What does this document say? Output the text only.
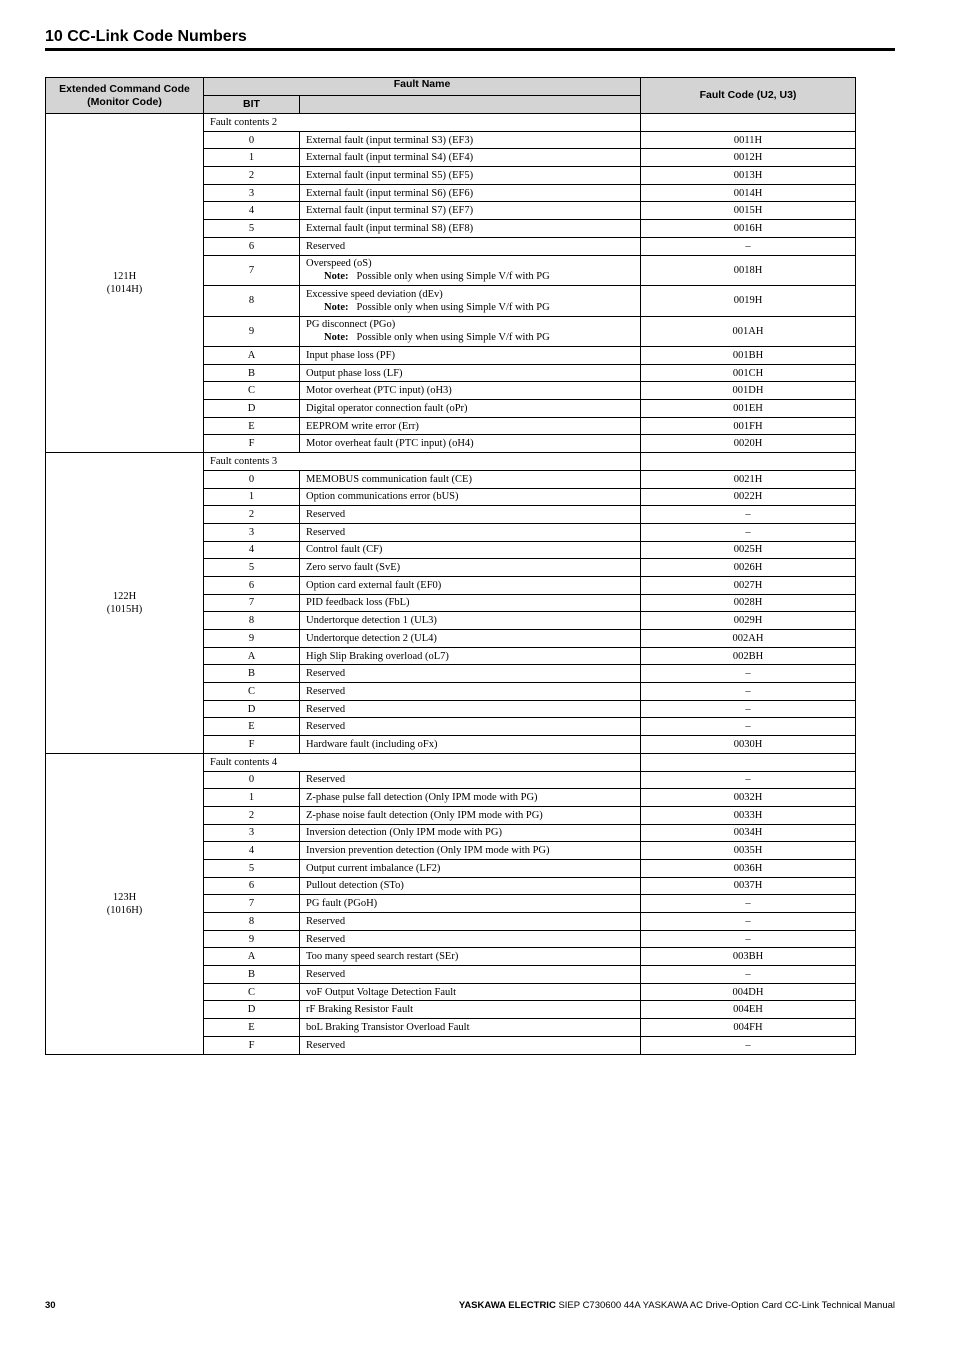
10 CC-Link Code Numbers
Extended Command Code
(Monitor Code)	Fault Name		Fault Code (U2, U3)
	BIT		
121H
(1014H)	Fault contents 2		
	0	External fault (input terminal S3) (EF3)	0011H
	1	External fault (input terminal S4) (EF4)	0012H
	2	External fault (input terminal S5) (EF5)	0013H
	3	External fault (input terminal S6) (EF6)	0014H
	4	External fault (input terminal S7) (EF7)	0015H
	5	External fault (input terminal S8) (EF8)	0016H
	6	Reserved	–
	7	Overspeed (oS)
Note: Possible only when using Simple V/f with PG	0018H
	8	Excessive speed deviation (dEv)
Note: Possible only when using Simple V/f with PG	0019H
	9	PG disconnect (PGo)
Note: Possible only when using Simple V/f with PG	001AH
	A	Input phase loss (PF)	001BH
	B	Output phase loss (LF)	001CH
	C	Motor overheat (PTC input) (oH3)	001DH
	D	Digital operator connection fault (oPr)	001EH
	E	EEPROM write error (Err)	001FH
	F	Motor overheat fault (PTC input) (oH4)	0020H
122H
(1015H)	Fault contents 3		
	0	MEMOBUS communication fault (CE)	0021H
	1	Option communications error (bUS)	0022H
	2	Reserved	–
	3	Reserved	–
	4	Control fault (CF)	0025H
	5	Zero servo fault (SvE)	0026H
	6	Option card external fault (EF0)	0027H
	7	PID feedback loss (FbL)	0028H
	8	Undertorque detection 1 (UL3)	0029H
	9	Undertorque detection 2 (UL4)	002AH
	A	High Slip Braking overload (oL7)	002BH
	B	Reserved	–
	C	Reserved	–
	D	Reserved	–
	E	Reserved	–
	F	Hardware fault (including oFx)	0030H
123H
(1016H)	Fault contents 4		
	0	Reserved	–
	1	Z-phase pulse fall detection (Only IPM mode with PG)	0032H
	2	Z-phase noise fault detection (Only IPM mode with PG)	0033H
	3	Inversion detection (Only IPM mode with PG)	0034H
	4	Inversion prevention detection (Only IPM mode with PG)	0035H
	5	Output current imbalance (LF2)	0036H
	6	Pullout detection (STo)	0037H
	7	PG fault (PGoH)	–
	8	Reserved	–
	9	Reserved	–
	A	Too many speed search restart (SEr)	003BH
	B	Reserved	–
	C	voF Output Voltage Detection Fault	004DH
	D	rF Braking Resistor Fault	004EH
	E	boL Braking Transistor Overload Fault	004FH
	F	Reserved	–
30	YASKAWA ELECTRIC SIEP C730600 44A YASKAWA AC Drive-Option Card CC-Link Technical Manual
